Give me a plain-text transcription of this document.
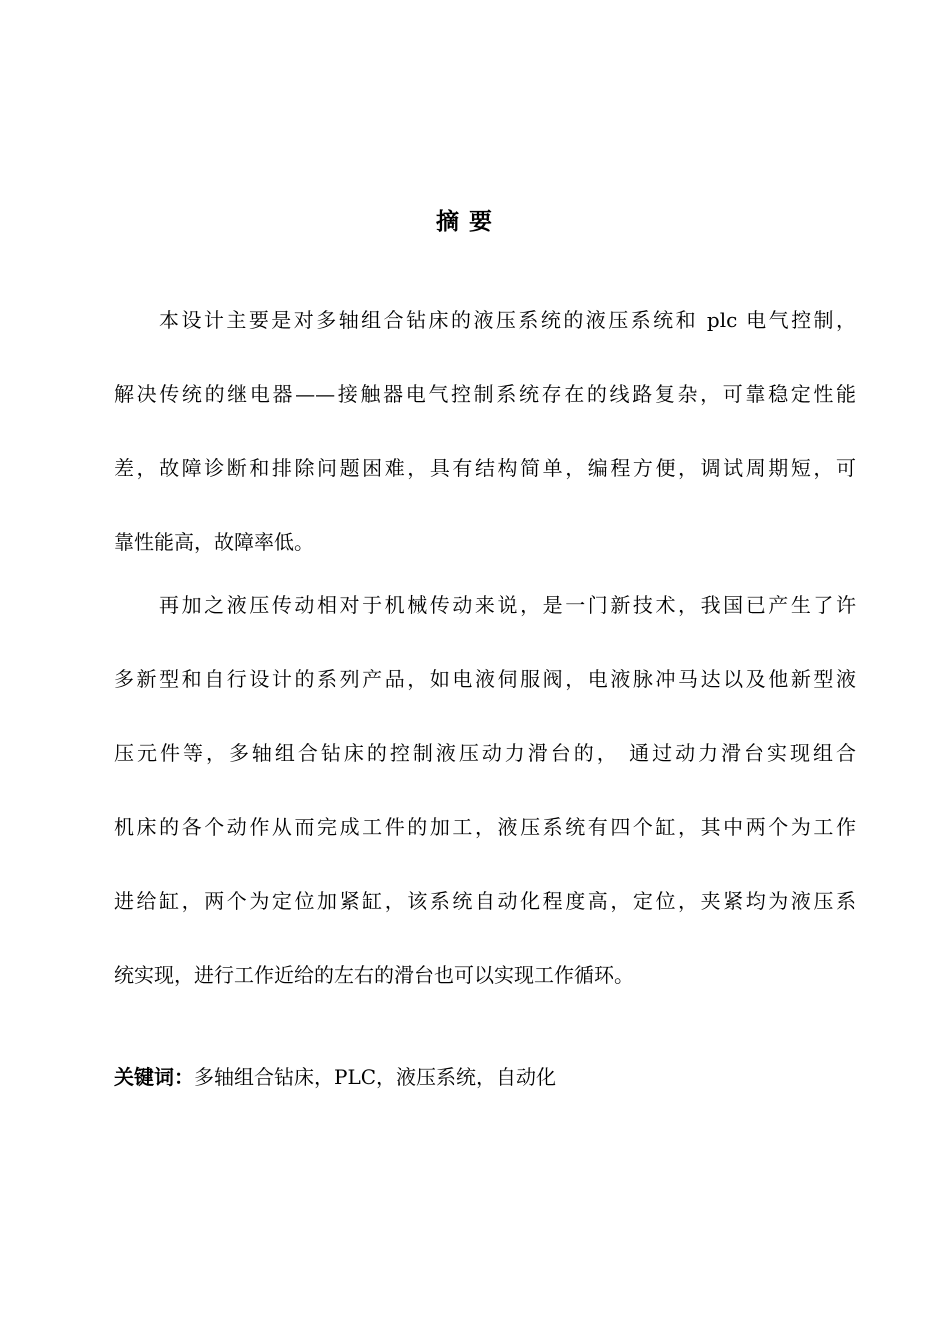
摘 要
本设计主要是对多轴组合钻床的液压系统的液压系统和 plc 电气控制，
解决传统的继电器——接触器电气控制系统存在的线路复杂，可靠稳定性能
差，故障诊断和排除问题困难，具有结构简单，编程方便，调试周期短，可
靠性能高，故障率低。
再加之液压传动相对于机械传动来说，是一门新技术，我国已产生了许
多新型和自行设计的系列产品，如电液伺服阀，电液脉冲马达以及他新型液
压元件等，多轴组合钻床的控制液压动力滑台的， 通过动力滑台实现组合
机床的各个动作从而完成工件的加工，液压系统有四个缸，其中两个为工作
进给缸，两个为定位加紧缸，该系统自动化程度高，定位，夹紧均为液压系
统实现，进行工作近给的左右的滑台也可以实现工作循环。
关键词：多轴组合钻床，PLC，液压系统，自动化
